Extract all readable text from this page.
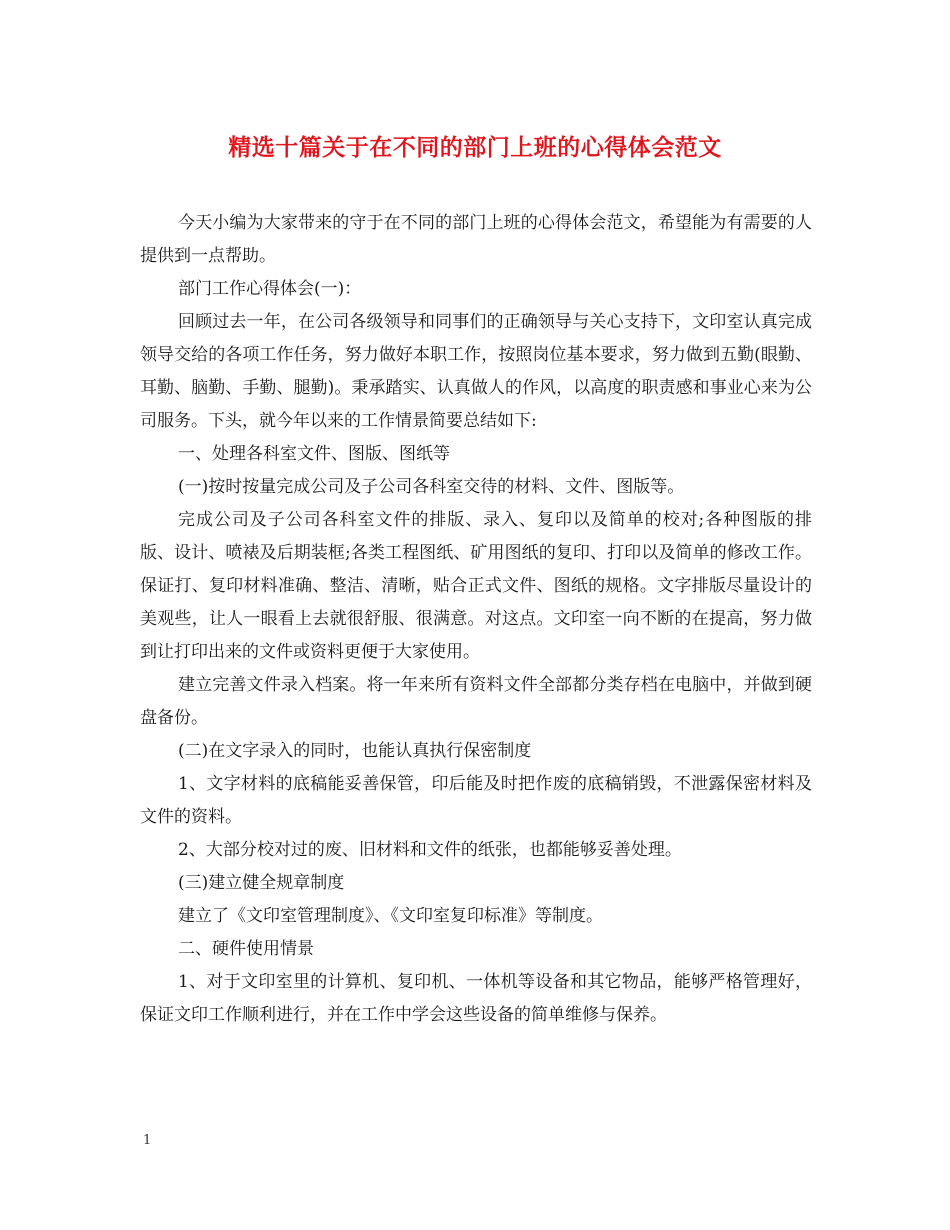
精选十篇关于在不同的部门上班的心得体会范文

今天小编为大家带来的守于在不同的部门上班的心得体会范文，希望能为有需要的人提供到一点帮助。

部门工作心得体会(一)：

回顾过去一年，在公司各级领导和同事们的正确领导与关心支持下，文印室认真完成领导交给的各项工作任务，努力做好本职工作，按照岗位基本要求，努力做到五勤(眼勤、耳勤、脑勤、手勤、腿勤)。秉承踏实、认真做人的作风，以高度的职责感和事业心来为公司服务。下头，就今年以来的工作情景简要总结如下:

一、处理各科室文件、图版、图纸等

(一)按时按量完成公司及子公司各科室交待的材料、文件、图版等。

完成公司及子公司各科室文件的排版、录入、复印以及简单的校对;各种图版的排版、设计、喷裱及后期装框;各类工程图纸、矿用图纸的复印、打印以及简单的修改工作。保证打、复印材料准确、整洁、清晰，贴合正式文件、图纸的规格。文字排版尽量设计的美观些，让人一眼看上去就很舒服、很满意。对这点。文印室一向不断的在提高，努力做到让打印出来的文件或资料更便于大家使用。

建立完善文件录入档案。将一年来所有资料文件全部都分类存档在电脑中，并做到硬盘备份。

(二)在文字录入的同时，也能认真执行保密制度

1、文字材料的底稿能妥善保管，印后能及时把作废的底稿销毁，不泄露保密材料及文件的资料。

2、大部分校对过的废、旧材料和文件的纸张，也都能够妥善处理。

(三)建立健全规章制度

建立了《文印室管理制度》、《文印室复印标准》等制度。

二、硬件使用情景

1、对于文印室里的计算机、复印机、一体机等设备和其它物品，能够严格管理好，保证文印工作顺利进行，并在工作中学会这些设备的简单维修与保养。

1
